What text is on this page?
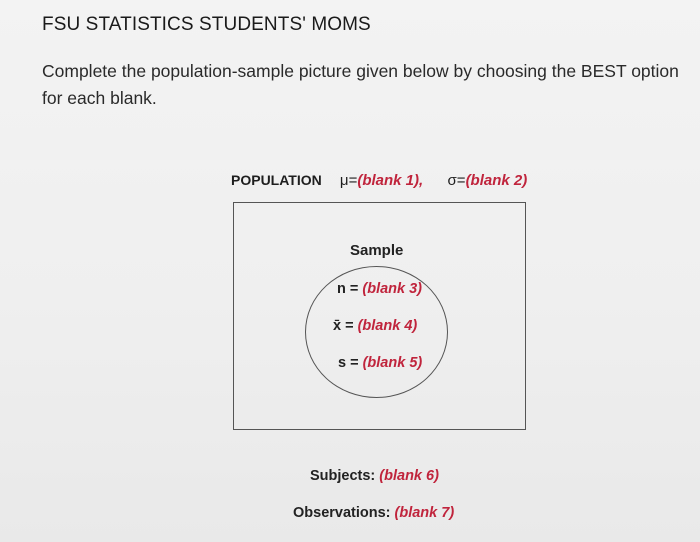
FSU STATISTICS STUDENTS' MOMS
Complete the population-sample picture given below by choosing the BEST option for each blank.
POPULATION μ=(blank 1), σ=(blank 2)
Sample
n = (blank 3)
x̄ = (blank 4)
s = (blank 5)
Subjects: (blank 6)
Observations: (blank 7)
